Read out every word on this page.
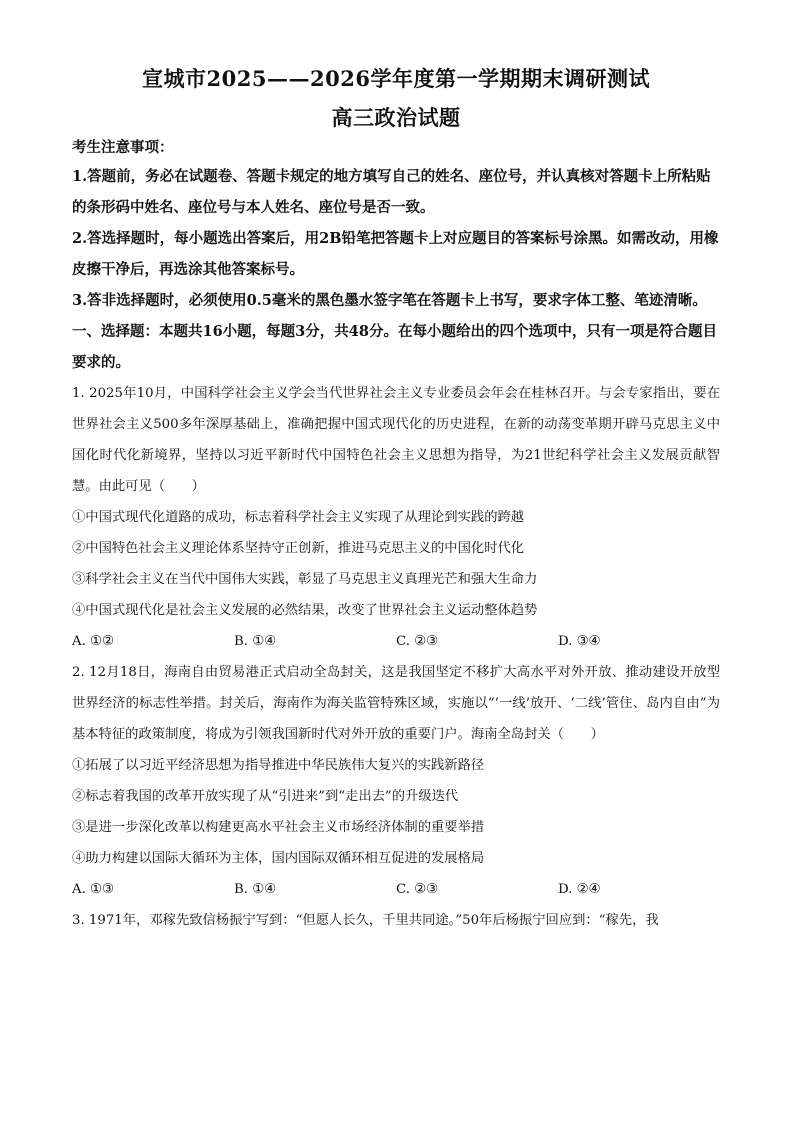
宣城市2025——2026学年度第一学期期末调研测试
高三政治试题
考生注意事项：
1.答题前，务必在试题卷、答题卡规定的地方填写自己的姓名、座位号，并认真核对答题卡上所粘贴的条形码中姓名、座位号与本人姓名、座位号是否一致。
2.答选择题时，每小题选出答案后，用2B铅笔把答题卡上对应题目的答案标号涂黑。如需改动，用橡皮擦干净后，再选涂其他答案标号。
3.答非选择题时，必须使用0.5毫米的黑色墨水签字笔在答题卡上书写，要求字体工整、笔迹清晰。
一、选择题：本题共16小题，每题3分，共48分。在每小题给出的四个选项中，只有一项是符合题目要求的。
1. 2025年10月，中国科学社会主义学会当代世界社会主义专业委员会年会在桂林召开。与会专家指出，要在世界社会主义500多年深厚基础上，准确把握中国式现代化的历史进程，在新的动荡变革期开辟马克思主义中国化时代化新境界，坚持以习近平新时代中国特色社会主义思想为指导，为21世纪科学社会主义发展贡献智慧。由此可见（　　）
①中国式现代化道路的成功，标志着科学社会主义实现了从理论到实践的跨越
②中国特色社会主义理论体系坚持守正创新，推进马克思主义的中国化时代化
③科学社会主义在当代中国伟大实践，彰显了马克思主义真理光芒和强大生命力
④中国式现代化是社会主义发展的必然结果，改变了世界社会主义运动整体趋势
A. ①②	B. ①④	C. ②③	D. ③④
2. 12月18日，海南自由贸易港正式启动全岛封关，这是我国坚定不移扩大高水平对外开放、推动建设开放型世界经济的标志性举措。封关后，海南作为海关监管特殊区域，实施以“‘一线’放开、‘二线’管住、岛内自由”为基本特征的政策制度，将成为引领我国新时代对外开放的重要门户。海南全岛封关（　　）
①拓展了以习近平经济思想为指导推进中华民族伟大复兴的实践新路径
②标志着我国的改革开放实现了从“引进来”到“走出去”的升级迭代
③是进一步深化改革以构建更高水平社会主义市场经济体制的重要举措
④助力构建以国际大循环为主体，国内国际双循环相互促进的发展格局
A. ①③	B. ①④	C. ②③	D. ②④
3. 1971年，邓稼先致信杨振宁写到：“但愿人长久，千里共同途。”50年后杨振宁回应到：“稼先，我
